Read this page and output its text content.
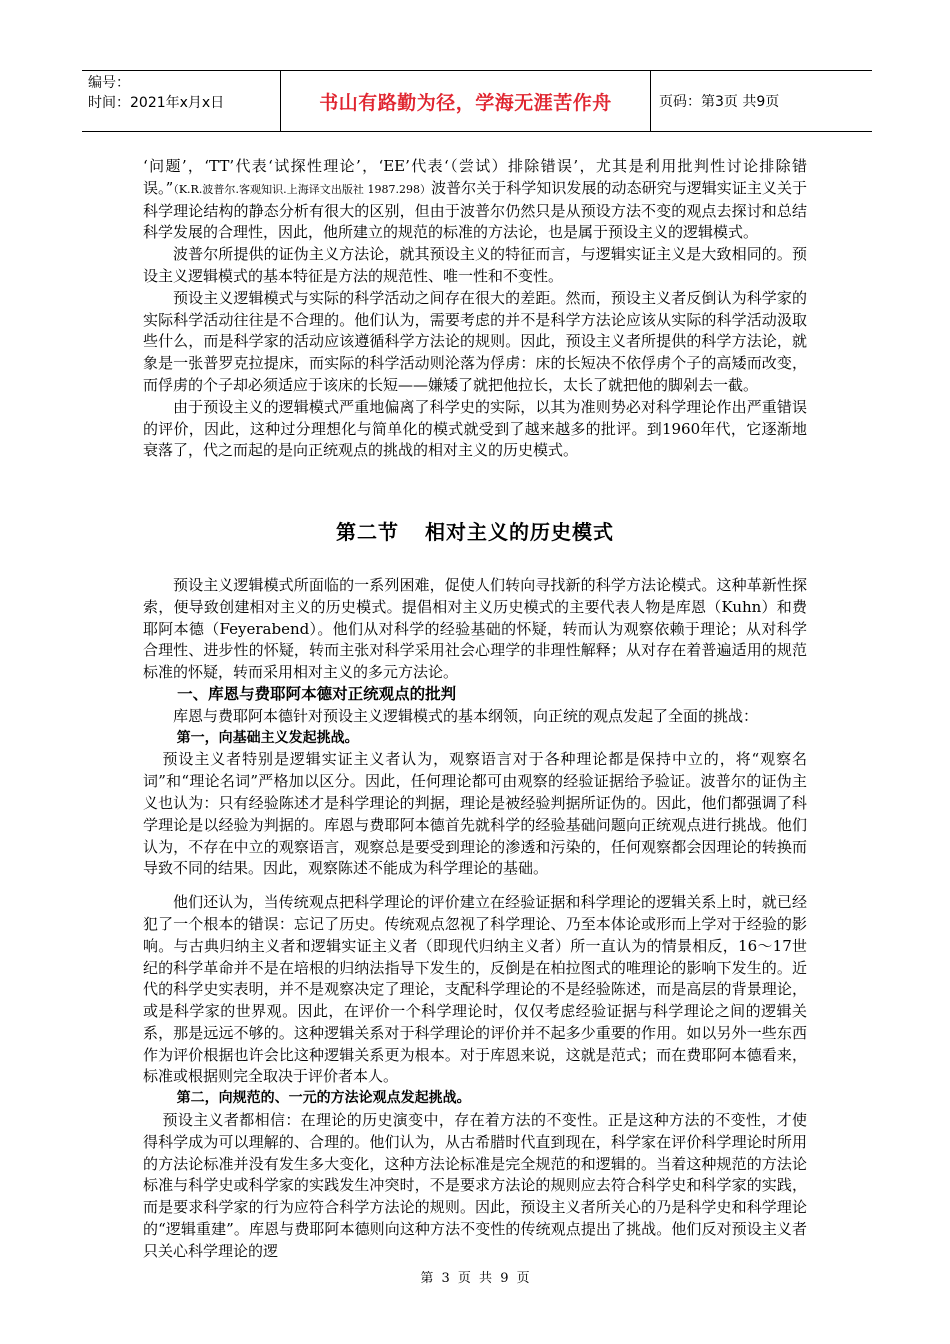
编号：
时间：2021年x月x日	书山有路勤为径，学海无涯苦作舟	页码：第3页 共9页

‘问题’，‘TT’代表‘试探性理论’，‘EE’代表‘（尝试）排除错误’，尤其是利用批判性讨论排除错误。”（K.R.波普尔.客观知识.上海译文出版社 1987.298）波普尔关于科学知识发展的动态研究与逻辑实证主义关于科学理论结构的静态分析有很大的区别，但由于波普尔仍然只是从预设方法不变的观点去探讨和总结科学发展的合理性，因此，他所建立的规范的标准的方法论，也是属于预设主义的逻辑模式。

波普尔所提供的证伪主义方法论，就其预设主义的特征而言，与逻辑实证主义是大致相同的。预设主义逻辑模式的基本特征是方法的规范性、唯一性和不变性。

预设主义逻辑模式与实际的科学活动之间存在很大的差距。然而，预设主义者反倒认为科学家的实际科学活动往往是不合理的。他们认为，需要考虑的并不是科学方法论应该从实际的科学活动汲取些什么，而是科学家的活动应该遵循科学方法论的规则。因此，预设主义者所提供的科学方法论，就象是一张普罗克拉提床，而实际的科学活动则沦落为俘虏：床的长短决不依俘虏个子的高矮而改变，而俘虏的个子却必须适应于该床的长短——嫌矮了就把他拉长，太长了就把他的脚剁去一截。

由于预设主义的逻辑模式严重地偏离了科学史的实际，以其为准则势必对科学理论作出严重错误的评价，因此，这种过分理想化与简单化的模式就受到了越来越多的批评。到1960年代，它逐渐地衰落了，代之而起的是向正统观点的挑战的相对主义的历史模式。

第二节 相对主义的历史模式

预设主义逻辑模式所面临的一系列困难，促使人们转向寻找新的科学方法论模式。这种革新性探索，便导致创建相对主义的历史模式。提倡相对主义历史模式的主要代表人物是库恩（Kuhn）和费耶阿本德（Feyerabend）。他们从对科学的经验基础的怀疑，转而认为观察依赖于理论；从对科学合理性、进步性的怀疑，转而主张对科学采用社会心理学的非理性解释；从对存在着普遍适用的规范标准的怀疑，转而采用相对主义的多元方法论。

一、库恩与费耶阿本德对正统观点的批判

库恩与费耶阿本德针对预设主义逻辑模式的基本纲领，向正统的观点发起了全面的挑战：

第一，向基础主义发起挑战。

预设主义者特别是逻辑实证主义者认为，观察语言对于各种理论都是保持中立的，将“观察名词”和“理论名词”严格加以区分。因此，任何理论都可由观察的经验证据给予验证。波普尔的证伪主义也认为：只有经验陈述才是科学理论的判据，理论是被经验判据所证伪的。因此，他们都强调了科学理论是以经验为判据的。库恩与费耶阿本德首先就科学的经验基础问题向正统观点进行挑战。他们认为，不存在中立的观察语言，观察总是要受到理论的渗透和污染的，任何观察都会因理论的转换而导致不同的结果。因此，观察陈述不能成为科学理论的基础。

他们还认为，当传统观点把科学理论的评价建立在经验证据和科学理论的逻辑关系上时，就已经犯了一个根本的错误：忘记了历史。传统观点忽视了科学理论、乃至本体论或形而上学对于经验的影响。与古典归纳主义者和逻辑实证主义者（即现代归纳主义者）所一直认为的情景相反，16～17世纪的科学革命并不是在培根的归纳法指导下发生的，反倒是在柏拉图式的唯理论的影响下发生的。近代的科学史实表明，并不是观察决定了理论，支配科学理论的不是经验陈述，而是高层的背景理论，或是科学家的世界观。因此，在评价一个科学理论时，仅仅考虑经验证据与科学理论之间的逻辑关系，那是远远不够的。这种逻辑关系对于科学理论的评价并不起多少重要的作用。如以另外一些东西作为评价根据也许会比这种逻辑关系更为根本。对于库恩来说，这就是范式；而在费耶阿本德看来，标准或根据则完全取决于评价者本人。

第二，向规范的、一元的方法论观点发起挑战。

预设主义者都相信：在理论的历史演变中，存在着方法的不变性。正是这种方法的不变性，才使得科学成为可以理解的、合理的。他们认为，从古希腊时代直到现在，科学家在评价科学理论时所用的方法论标准并没有发生多大变化，这种方法论标准是完全规范的和逻辑的。当着这种规范的方法论标准与科学史或科学家的实践发生冲突时，不是要求方法论的规则应去符合科学史和科学家的实践，而是要求科学家的行为应符合科学方法论的规则。因此，预设主义者所关心的乃是科学史和科学理论的“逻辑重建”。库恩与费耶阿本德则向这种方法不变性的传统观点提出了挑战。他们反对预设主义者只关心科学理论的逻

第 3 页 共 9 页
